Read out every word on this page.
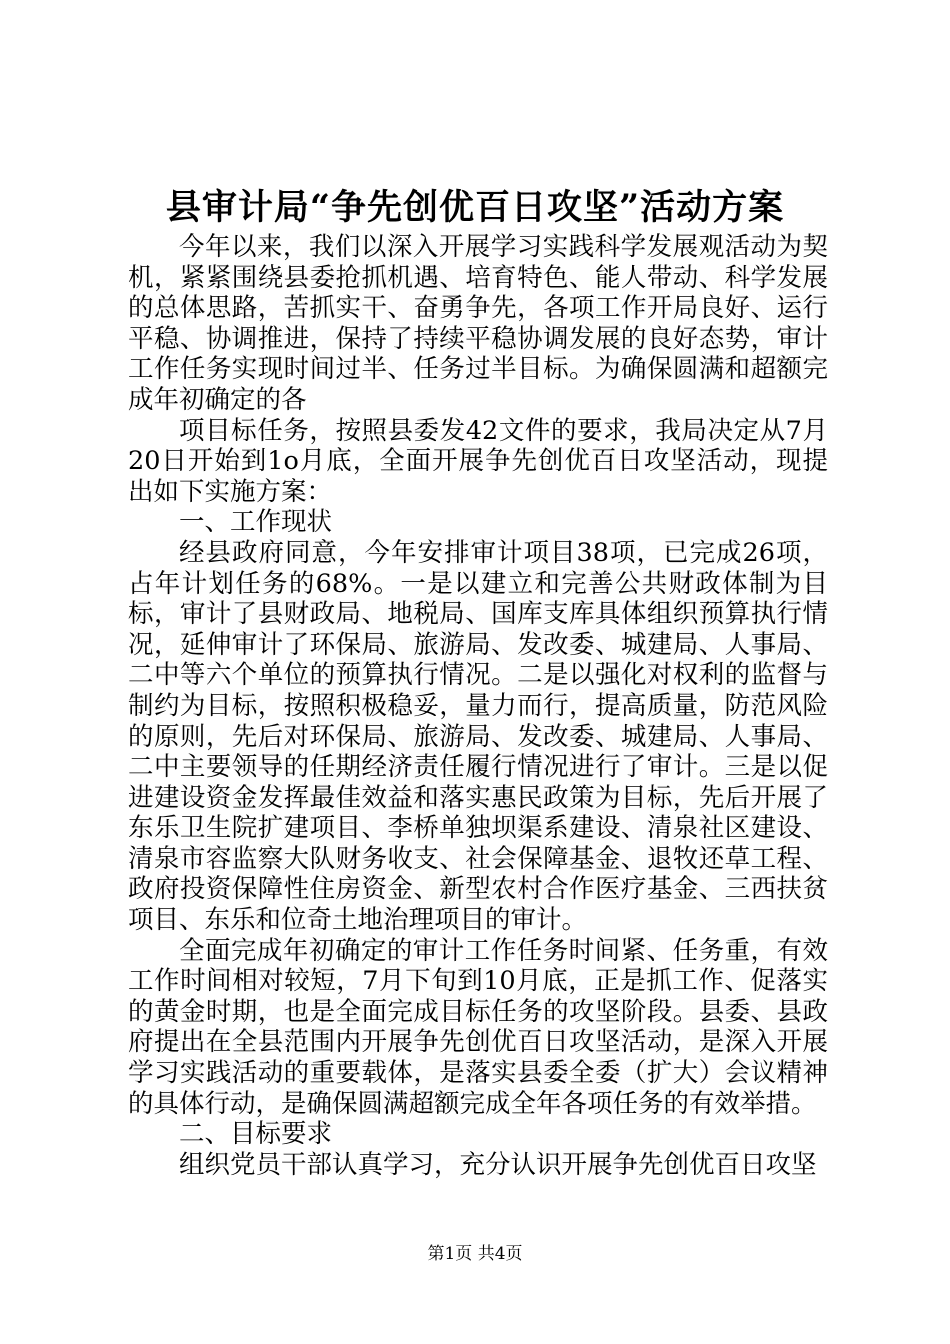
县审计局“争先创优百日攻坚”活动方案

今年以来，我们以深入开展学习实践科学发展观活动为契机，紧紧围绕县委抢抓机遇、培育特色、能人带动、科学发展的总体思路，苦抓实干、奋勇争先，各项工作开局良好、运行平稳、协调推进，保持了持续平稳协调发展的良好态势，审计工作任务实现时间过半、任务过半目标。为确保圆满和超额完成年初确定的各

项目标任务，按照县委发42文件的要求，我局决定从7月20日开始到1o月底，全面开展争先创优百日攻坚活动，现提出如下实施方案：

一、工作现状

经县政府同意，今年安排审计项目38项，已完成26项，占年计划任务的68%。一是以建立和完善公共财政体制为目标，审计了县财政局、地税局、国库支库具体组织预算执行情况，延伸审计了环保局、旅游局、发改委、城建局、人事局、二中等六个单位的预算执行情况。二是以强化对权利的监督与制约为目标，按照积极稳妥，量力而行，提高质量，防范风险的原则，先后对环保局、旅游局、发改委、城建局、人事局、二中主要领导的任期经济责任履行情况进行了审计。三是以促进建设资金发挥最佳效益和落实惠民政策为目标，先后开展了东乐卫生院扩建项目、李桥单独坝渠系建设、清泉社区建设、清泉市容监察大队财务收支、社会保障基金、退牧还草工程、政府投资保障性住房资金、新型农村合作医疗基金、三西扶贫项目、东乐和位奇土地治理项目的审计。

全面完成年初确定的审计工作任务时间紧、任务重，有效工作时间相对较短，7月下旬到10月底，正是抓工作、促落实的黄金时期，也是全面完成目标任务的攻坚阶段。县委、县政府提出在全县范围内开展争先创优百日攻坚活动，是深入开展学习实践活动的重要载体，是落实县委全委（扩大）会议精神的具体行动，是确保圆满超额完成全年各项任务的有效举措。

二、目标要求

组织党员干部认真学习，充分认识开展争先创优百日攻坚

第1页 共4页
